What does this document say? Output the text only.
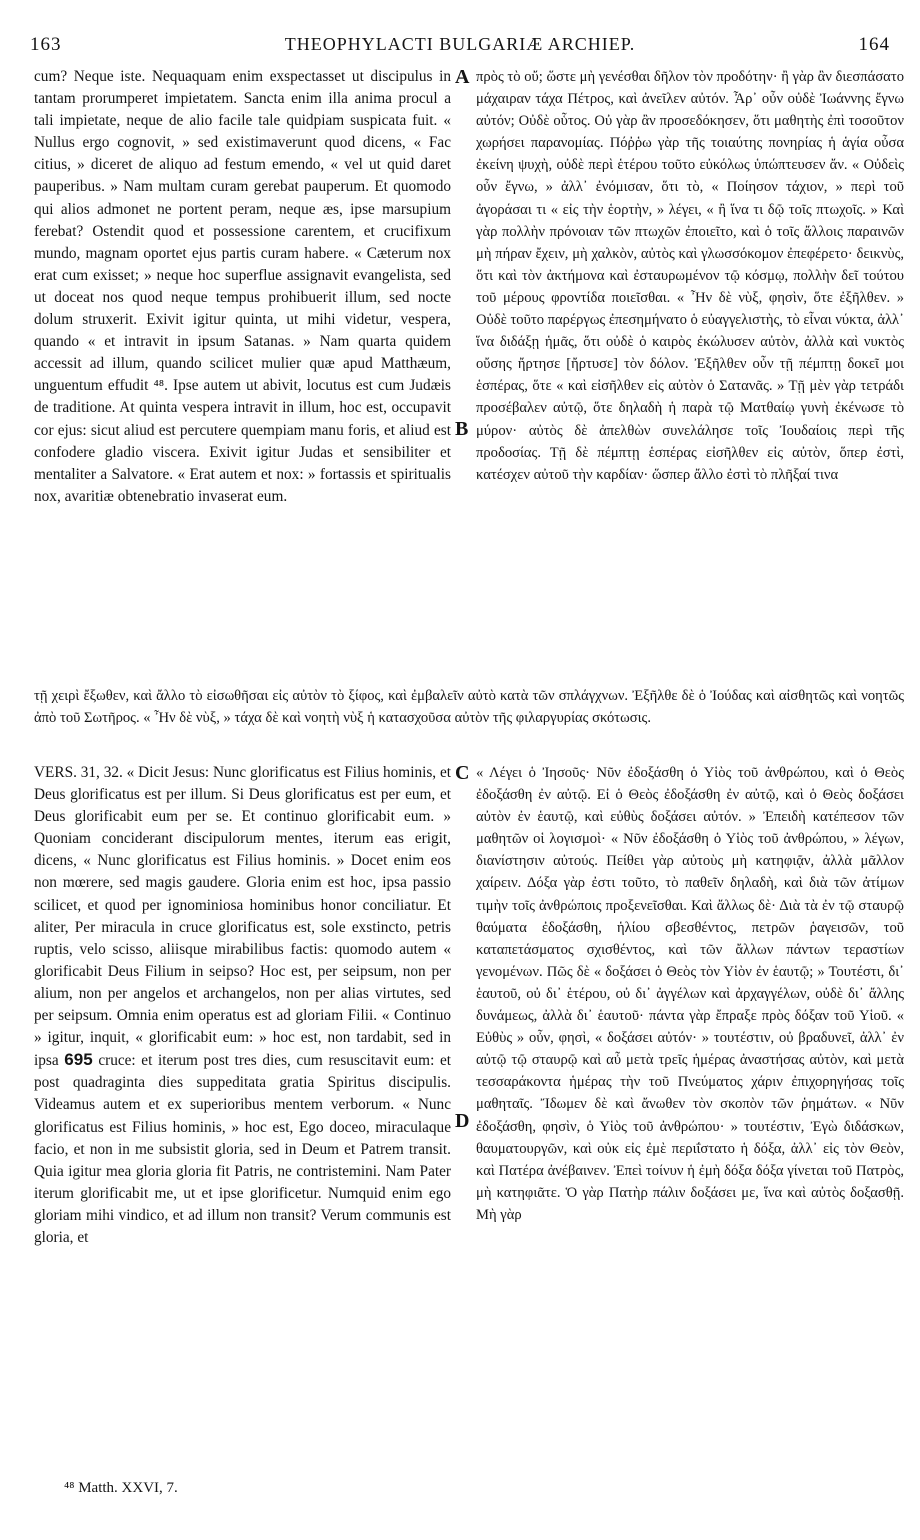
163	THEOPHYLACTI BULGARIÆ ARCHIEP.	164

cum? Neque iste. Nequaquam enim exspectasset ut discipulus in tantam prorumperet impietatem. Sancta enim illa anima procul a tali impietate, neque de alio facile tale quidpiam suspicata fuit. « Nullus ergo cognovit, » sed existimaverunt quod dicens, « Fac citius, » diceret de aliquo ad festum emendo, « vel ut quid daret pauperibus. » Nam multam curam gerebat pauperum. Et quomodo qui alios admonet ne portent peram, neque æs, ipse marsupium ferebat? Ostendit quod et possessione carentem, et crucifixum mundo, magnam oportet ejus partis curam habere. « Cæterum nox erat cum exisset; » neque hoc superflue assignavit evangelista, sed ut doceat nos quod neque tempus prohibuerit illum, sed nocte dolum struxerit. Exivit igitur quinta, ut mihi videtur, vespera, quando « et intravit in ipsum Satanas. » Nam quarta quidem accessit ad illum, quando scilicet mulier quæ apud Matthæum, unguentum effudit ⁴⁸. Ipse autem ut abivit, locutus est cum Judæis de traditione. At quinta vespera intravit in illum, hoc est, occupavit cor ejus: sicut aliud est percutere quempiam manu foris, et aliud est confodere gladio viscera. Exivit igitur Judas et sensibiliter et mentaliter a Salvatore. « Erat autem et nox: » fortassis et spiritualis nox, avaritiæ obtenebratio invaserat eum.

πρὸς τὸ οὔ; ὥστε μὴ γενέσθαι δῆλον τὸν προδότην· ἢ γὰρ ἂν διεσπάσατο μάχαιραν τάχα Πέτρος, καὶ ἀνεῖλεν αὐτόν. Ἆρ᾽ οὖν οὐδὲ Ἰωάννης ἔγνω αὐτόν; Οὐδὲ οὗτος. Οὐ γὰρ ἂν προσεδόκησεν, ὅτι μαθητὴς ἐπὶ τοσοῦτον χωρήσει παρανομίας. Πόῤῥω γὰρ τῆς τοιαύτης πονηρίας ἡ ἁγία οὖσα ἐκείνη ψυχὴ, οὐδὲ περὶ ἑτέρου τοῦτο εὐκόλως ὑπώπτευσεν ἄν. « Οὐδεὶς οὖν ἔγνω, » ἀλλ᾽ ἐνόμισαν, ὅτι τὸ, « Ποίησον τάχιον, » περὶ τοῦ ἀγοράσαι τι « εἰς τὴν ἑορτὴν, » λέγει, « ἢ ἵνα τι δῷ τοῖς πτωχοῖς. » Καὶ γὰρ πολλὴν πρόνοιαν τῶν πτωχῶν ἐποιεῖτο, καὶ ὁ τοῖς ἄλλοις παραινῶν μὴ πήραν ἔχειν, μὴ χαλκὸν, αὐτὸς καὶ γλωσσόκομον ἐπεφέρετο· δεικνὺς, ὅτι καὶ τὸν ἀκτήμονα καὶ ἐσταυρωμένον τῷ κόσμῳ, πολλὴν δεῖ τούτου τοῦ μέρους φροντίδα ποιεῖσθαι. « Ἦν δὲ νὺξ, φησὶν, ὅτε ἐξῆλθεν. » Οὐδὲ τοῦτο παρέργως ἐπεσημήνατο ὁ εὐαγγελιστὴς, τὸ εἶναι νύκτα, ἀλλ᾽ ἵνα διδάξῃ ἡμᾶς, ὅτι οὐδὲ ὁ καιρὸς ἐκώλυσεν αὐτὸν, ἀλλὰ καὶ νυκτὸς οὔσης ἤρτησε [ἤρτυσε] τὸν δόλον. Ἐξῆλθεν οὖν τῇ πέμπτῃ δοκεῖ μοι ἑσπέρας, ὅτε « καὶ εἰσῆλθεν εἰς αὐτὸν ὁ Σατανᾶς. » Τῇ μὲν γὰρ τετράδι προσέβαλεν αὐτῷ, ὅτε δηλαδὴ ἡ παρὰ τῷ Ματθαίῳ γυνὴ ἐκένωσε τὸ μύρον· αὐτὸς δὲ ἀπελθὼν συνελάλησε τοῖς Ἰουδαίοις περὶ τῆς προδοσίας. Τῇ δὲ πέμπτῃ ἑσπέρας εἰσῆλθεν εἰς αὐτὸν, ὅπερ ἐστὶ, κατέσχεν αὐτοῦ τὴν καρδίαν· ὥσπερ ἄλλο ἐστὶ τὸ πλῆξαί τινα

A
B
C
D

τῇ χειρὶ ἔξωθεν, καὶ ἄλλο τὸ εἰσωθῆσαι εἰς αὐτὸν τὸ ξίφος, καὶ ἐμβαλεῖν αὐτὸ κατὰ τῶν σπλάγχνων. Ἐξῆλθε δὲ ὁ Ἰούδας καὶ αἰσθητῶς καὶ νοητῶς ἀπὸ τοῦ Σωτῆρος. « Ἦν δὲ νὺξ, » τάχα δὲ καὶ νοητὴ νὺξ ἡ κατασχοῦσα αὐτὸν τῆς φιλαργυρίας σκότωσις.

VERS. 31, 32. « Dicit Jesus: Nunc glorificatus est Filius hominis, et Deus glorificatus est per illum. Si Deus glorificatus est per eum, et Deus glorificabit eum per se. Et continuo glorificabit eum. » Quoniam conciderant discipulorum mentes, iterum eas erigit, dicens, « Nunc glorificatus est Filius hominis. » Docet enim eos non mœrere, sed magis gaudere. Gloria enim est hoc, ipsa passio scilicet, et quod per ignominiosa hominibus honor conciliatur. Et aliter, Per miracula in cruce glorificatus est, sole exstincto, petris ruptis, velo scisso, aliisque mirabilibus factis: quomodo autem « glorificabit Deus Filium in seipso? Hoc est, per seipsum, non per alium, non per angelos et archangelos, non per alias virtutes, sed per seipsum. Omnia enim operatus est ad gloriam Filii. « Continuo » igitur, inquit, « glorificabit eum: » hoc est, non tardabit, sed in ipsa 695 cruce: et iterum post tres dies, cum resuscitavit eum: et post quadraginta dies suppeditata gratia Spiritus discipulis. Videamus autem et ex superioribus mentem verborum. « Nunc glorificatus est Filius hominis, » hoc est, Ego doceo, miraculaque facio, et non in me subsistit gloria, sed in Deum et Patrem transit. Quia igitur mea gloria gloria fit Patris, ne contristemini. Nam Pater iterum glorificabit me, ut et ipse glorificetur. Numquid enim ego gloriam mihi vindico, et ad illum non transit? Verum communis est gloria, et

« Λέγει ὁ Ἰησοῦς· Νῦν ἐδοξάσθη ὁ Υἱὸς τοῦ ἀνθρώπου, καὶ ὁ Θεὸς ἐδοξάσθη ἐν αὐτῷ. Εἰ ὁ Θεὸς ἐδοξάσθη ἐν αὐτῷ, καὶ ὁ Θεὸς δοξάσει αὐτὸν ἐν ἑαυτῷ, καὶ εὐθὺς δοξάσει αὐτόν. » Ἐπειδὴ κατέπεσον τῶν μαθητῶν οἱ λογισμοὶ· « Νῦν ἐδοξάσθη ὁ Υἱὸς τοῦ ἀνθρώπου, » λέγων, διανίστησιν αὐτούς. Πείθει γὰρ αὐτοὺς μὴ κατηφιᾷν, ἀλλὰ μᾶλλον χαίρειν. Δόξα γὰρ ἐστι τοῦτο, τὸ παθεῖν δηλαδὴ, καὶ διὰ τῶν ἀτίμων τιμὴν τοῖς ἀνθρώποις προξενεῖσθαι. Καὶ ἄλλως δὲ· Διὰ τὰ ἐν τῷ σταυρῷ θαύματα ἐδοξάσθη, ἡλίου σβεσθέντος, πετρῶν ῥαγεισῶν, τοῦ καταπετάσματος σχισθέντος, καὶ τῶν ἄλλων πάντων τεραστίων γενομένων. Πῶς δὲ « δοξάσει ὁ Θεὸς τὸν Υἱὸν ἐν ἑαυτῷ; » Τουτέστι, δι᾽ ἑαυτοῦ, οὐ δι᾽ ἑτέρου, οὐ δι᾽ ἀγγέλων καὶ ἀρχαγγέλων, οὐδὲ δι᾽ ἄλλης δυνάμεως, ἀλλὰ δι᾽ ἑαυτοῦ· πάντα γὰρ ἔπραξε πρὸς δόξαν τοῦ Υἱοῦ. « Εὐθὺς » οὖν, φησὶ, « δοξάσει αὐτόν· » τουτέστιν, οὐ βραδυνεῖ, ἀλλ᾽ ἐν αὐτῷ τῷ σταυρῷ καὶ αὖ μετὰ τρεῖς ἡμέρας ἀναστήσας αὐτὸν, καὶ μετὰ τεσσαράκοντα ἡμέρας τὴν τοῦ Πνεύματος χάριν ἐπιχορηγήσας τοῖς μαθηταῖς. Ἴδωμεν δὲ καὶ ἄνωθεν τὸν σκοπὸν τῶν ῥημάτων. « Νῦν ἐδοξάσθη, φησὶν, ὁ Υἱὸς τοῦ ἀνθρώπου· » τουτέστιν, Ἐγὼ διδάσκων, θαυματουργῶν, καὶ οὐκ εἰς ἐμὲ περιΐστατο ἡ δόξα, ἀλλ᾽ εἰς τὸν Θεὸν, καὶ Πατέρα ἀνέβαινεν. Ἐπεὶ τοίνυν ἡ ἐμὴ δόξα δόξα γίνεται τοῦ Πατρὸς, μὴ κατηφιᾶτε. Ὁ γὰρ Πατὴρ πάλιν δοξάσει με, ἵνα καὶ αὐτὸς δοξασθῇ. Μὴ γὰρ

⁴⁸ Matth. XXVI, 7.
